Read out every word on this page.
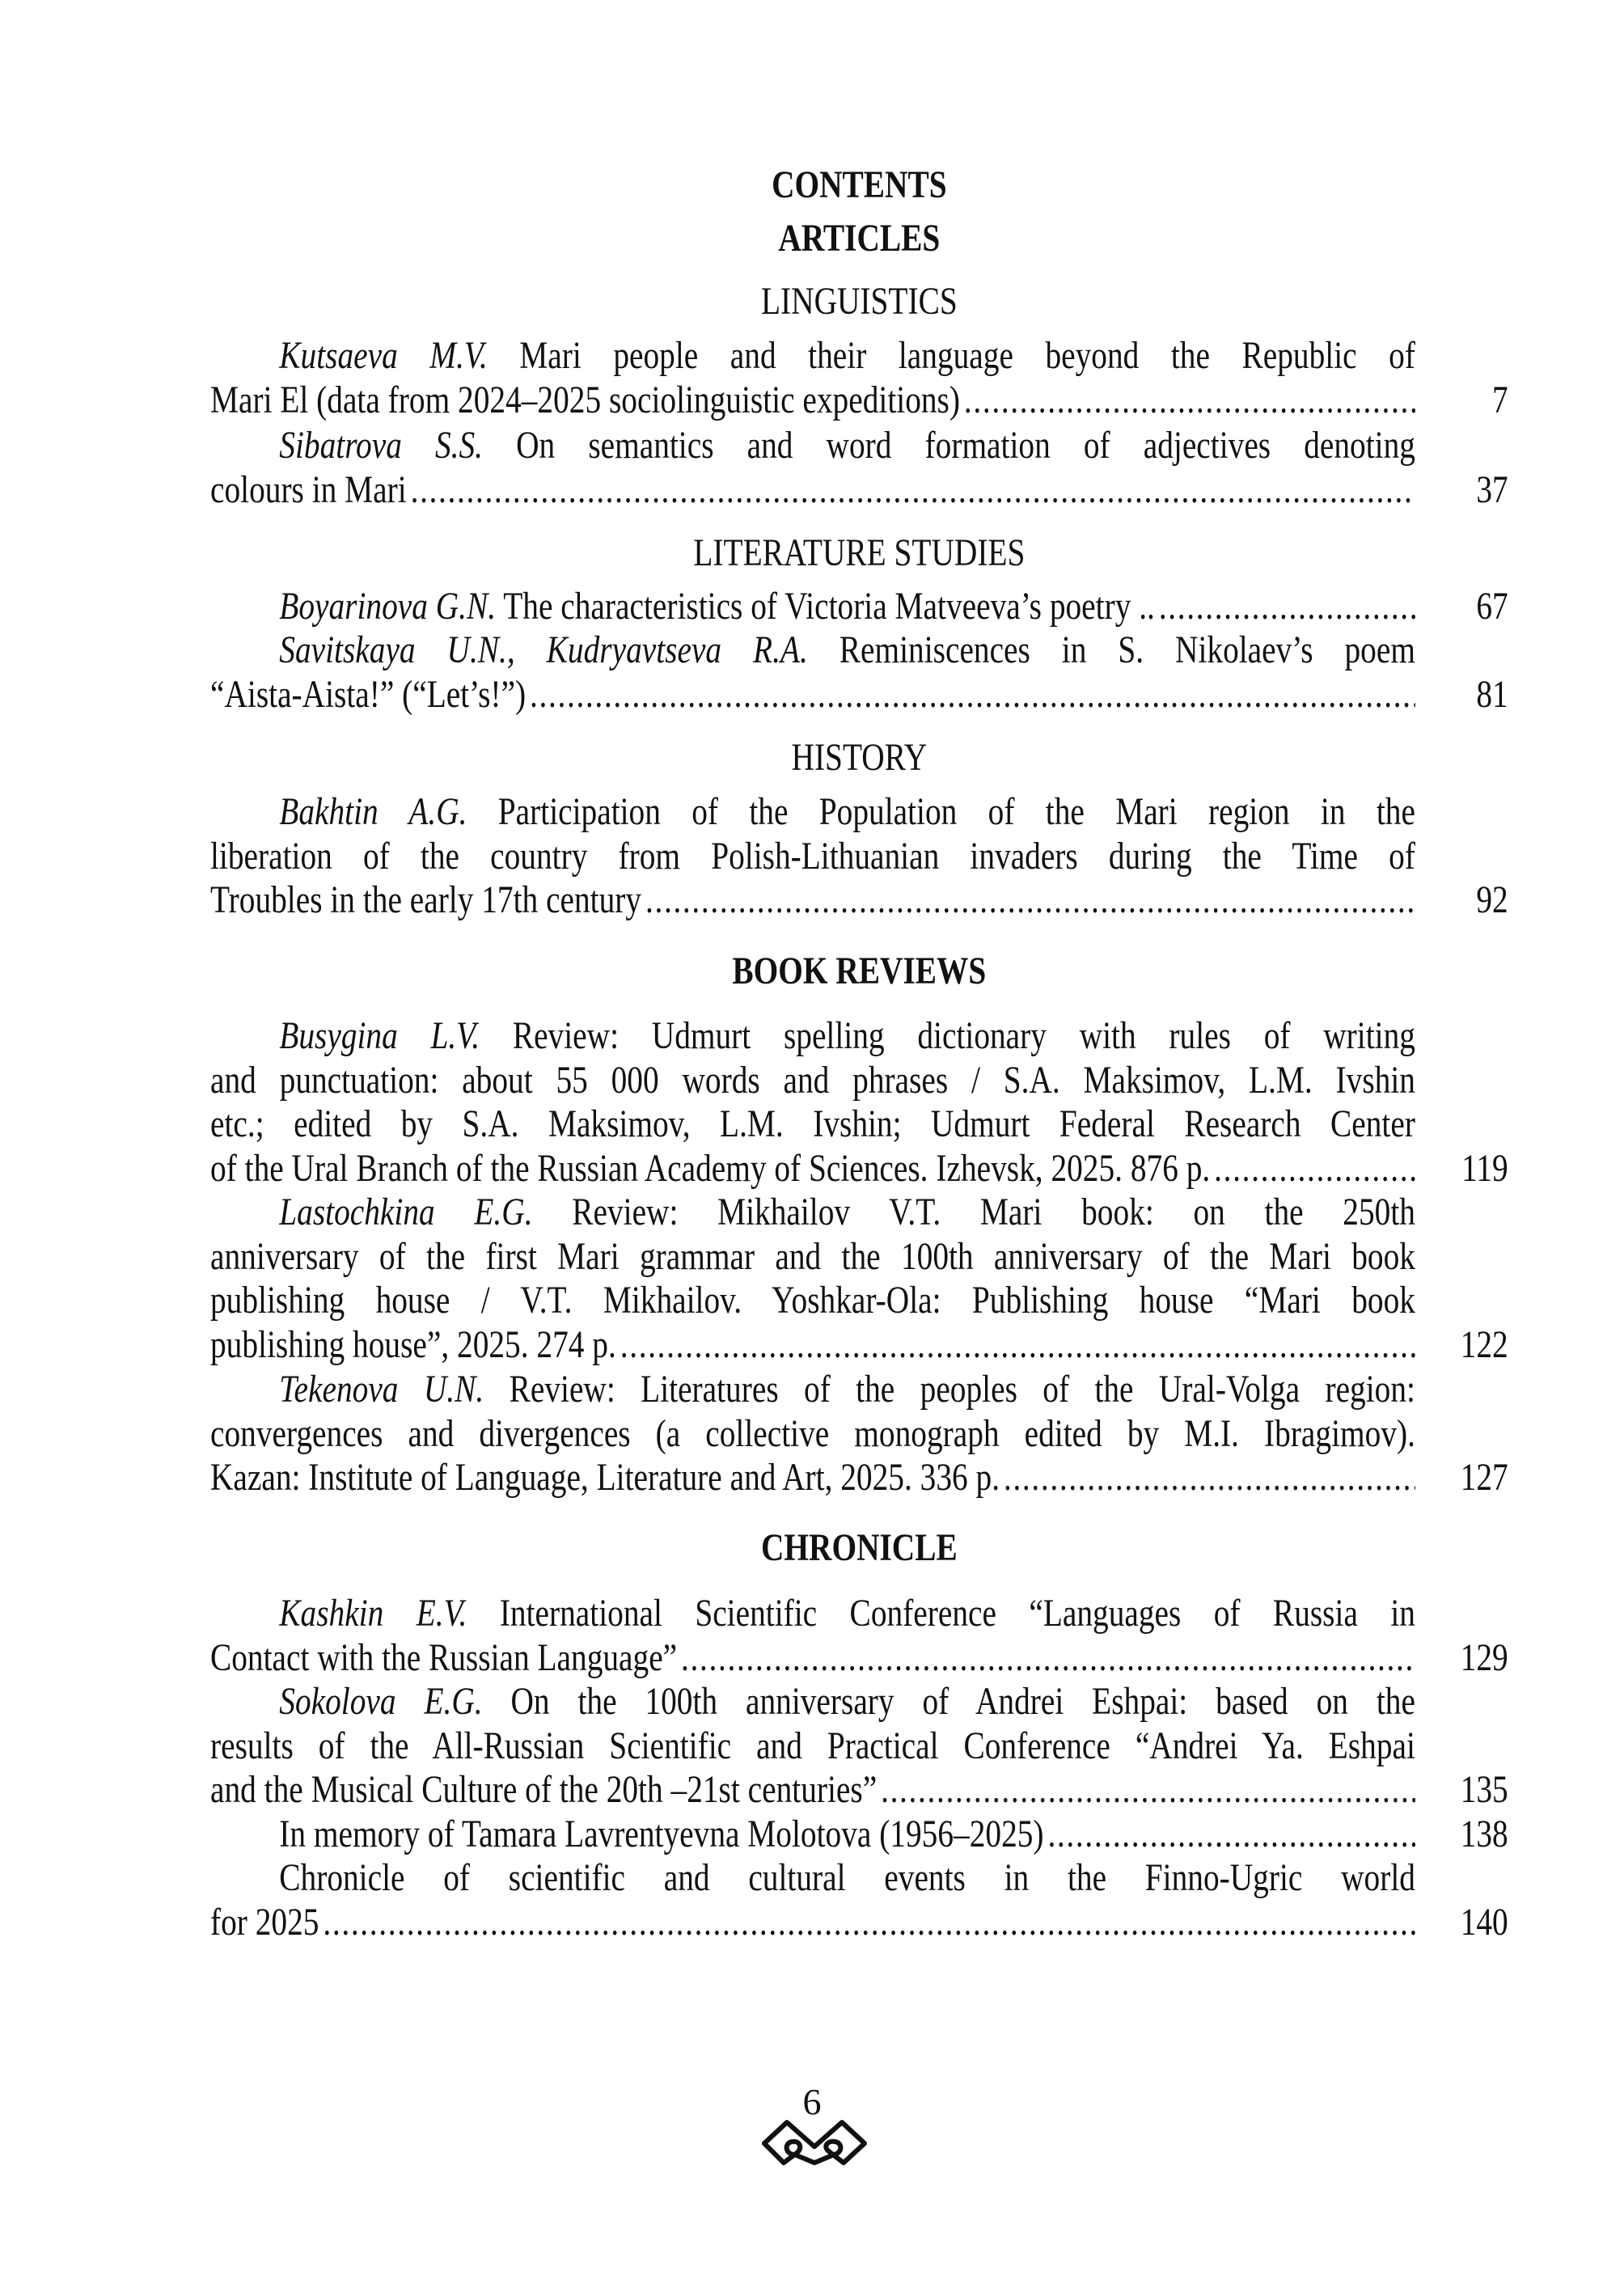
CONTENTS
ARTICLES
LINGUISTICS
Kutsaeva M.V. Mari people and their language beyond the Republic of
Mari El (data from 2024–2025 sociolinguistic expeditions) .....	7
Sibatrova S.S. On semantics and word formation of adjectives denoting
colours in Mari .....	37
LITERATURE STUDIES
Boyarinova G.N. The characteristics of Victoria Matveeva’s poetry .. .....	67
Savitskaya U.N., Kudryavtseva R.A. Reminiscences in S. Nikolaev’s poem
“Aista-Aista!” (“Let’s!”) .....	81
HISTORY
Bakhtin A.G. Participation of the Population of the Mari region in the
liberation of the country from Polish-Lithuanian invaders during the Time of
Troubles in the early 17th century .....	92
BOOK REVIEWS
Busygina L.V. Review: Udmurt spelling dictionary with rules of writing
and punctuation: about 55 000 words and phrases / S.A. Maksimov, L.M. Ivshin
etc.; edited by S.A. Maksimov, L.M. Ivshin; Udmurt Federal Research Center
of the Ural Branch of the Russian Academy of Sciences. Izhevsk, 2025. 876 p. .....	119
Lastochkina E.G. Review: Mikhailov V.T. Mari book: on the 250th
anniversary of the first Mari grammar and the 100th anniversary of the Mari book
publishing house / V.T. Mikhailov. Yoshkar-Ola: Publishing house “Mari book
publishing house”, 2025. 274 p. .....	122
Tekenova U.N. Review: Literatures of the peoples of the Ural-Volga region:
convergences and divergences (a collective monograph edited by M.I. Ibragimov).
Kazan: Institute of Language, Literature and Art, 2025. 336 p. .....	127
CHRONICLE
Kashkin E.V. International Scientific Conference “Languages of Russia in
Contact with the Russian Language” .....	129
Sokolova E.G. On the 100th anniversary of Andrei Eshpai: based on the
results of the All-Russian Scientific and Practical Conference “Andrei Ya. Eshpai
and the Musical Culture of the 20th –21st centuries” .....	135
In memory of Tamara Lavrentyevna Molotova (1956–2025) .....	138
Chronicle of scientific and cultural events in the Finno-Ugric world
for 2025 .....	140
6
